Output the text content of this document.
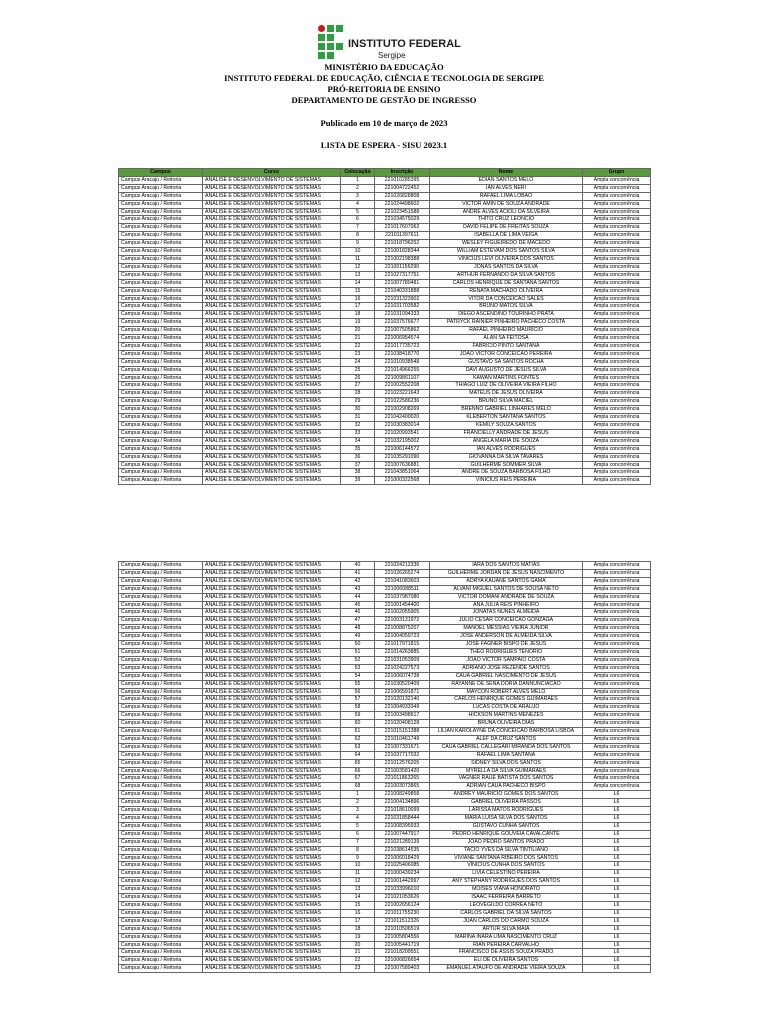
INSTITUTO FEDERAL
Sergipe
MINISTÉRIO DA EDUCAÇÃO
INSTITUTO FEDERAL DE EDUCAÇÃO, CIÊNCIA E TECNOLOGIA DE SERGIPE
PRÓ-REITORIA DE ENSINO
DEPARTAMENTO DE GESTÃO DE INGRESSO
Publicado em 10 de março de 2023
LISTA DE ESPERA - SISU 2023.1
Campus	Curso	Colocação	Inscrição	Nome	Grupo
Campus Aracaju / Reitoria	ANÁLISE E DESENVOLVIMENTO DE SISTEMAS	1	221010285395	EDIAN SANTOS MELO	Ampla concorrência
Campus Aracaju / Reitoria	ANÁLISE E DESENVOLVIMENTO DE SISTEMAS	2	221004722452	IAN ALVES NERI	Ampla concorrência
Campus Aracaju / Reitoria	ANÁLISE E DESENVOLVIMENTO DE SISTEMAS	3	221026828808	RAFAEL LIMA LOBAO	Ampla concorrência
Campus Aracaju / Reitoria	ANÁLISE E DESENVOLVIMENTO DE SISTEMAS	4	221024498602	VICTOR AMIN DE SOUZA ANDRADE	Ampla concorrência
Campus Aracaju / Reitoria	ANÁLISE E DESENVOLVIMENTO DE SISTEMAS	5	221023451588	ANDRE ALVES ACIOLI DA SILVEIRA	Ampla concorrência
Campus Aracaju / Reitoria	ANÁLISE E DESENVOLVIMENTO DE SISTEMAS	6	221034575029	THITO CRUZ LEONCIO	Ampla concorrência
Campus Aracaju / Reitoria	ANÁLISE E DESENVOLVIMENTO DE SISTEMAS	7	221017607062	DAVID FELIPE DE FREITAS SOUZA	Ampla concorrência
Campus Aracaju / Reitoria	ANÁLISE E DESENVOLVIMENTO DE SISTEMAS	8	221011397611	ISABELLA DE LIMA VEIGA	Ampla concorrência
Campus Aracaju / Reitoria	ANÁLISE E DESENVOLVIMENTO DE SISTEMAS	9	221018796252	WESLEY FIGUEIREDO DE MACEDO	Ampla concorrência
Campus Aracaju / Reitoria	ANÁLISE E DESENVOLVIMENTO DE SISTEMAS	10	221001828344	WILLIAM ESTEVAM DOS SANTOS SILVA	Ampla concorrência
Campus Aracaju / Reitoria	ANÁLISE E DESENVOLVIMENTO DE SISTEMAS	11	221002198388	VINICIUS LEVI OLIVEIRA DOS SANTOS	Ampla concorrência
Campus Aracaju / Reitoria	ANÁLISE E DESENVOLVIMENTO DE SISTEMAS	12	221001156290	JONAS SANTOS DA SILVA	Ampla concorrência
Campus Aracaju / Reitoria	ANÁLISE E DESENVOLVIMENTO DE SISTEMAS	13	221027317751	ARTHUR FERNANDO DA SILVA SANTOS	Ampla concorrência
Campus Aracaju / Reitoria	ANÁLISE E DESENVOLVIMENTO DE SISTEMAS	14	221007780481	CARLOS HENRIQUE DE SANTANA SANTOS	Ampla concorrência
Campus Aracaju / Reitoria	ANÁLISE E DESENVOLVIMENTO DE SISTEMAS	15	221040331888	RENATA MACHADO OLIVEIRA	Ampla concorrência
Campus Aracaju / Reitoria	ANÁLISE E DESENVOLVIMENTO DE SISTEMAS	16	221031323902	VITOR DA CONCEICAO SALES	Ampla concorrência
Campus Aracaju / Reitoria	ANÁLISE E DESENVOLVIMENTO DE SISTEMAS	17	221031703582	BRUNO MATOS SILVA	Ampla concorrência
Campus Aracaju / Reitoria	ANÁLISE E DESENVOLVIMENTO DE SISTEMAS	18	221031094333	DIEGO ASCENDINO TOURINHO PRATA	Ampla concorrência
Campus Aracaju / Reitoria	ANÁLISE E DESENVOLVIMENTO DE SISTEMAS	19	221037576677	PATRYCK RAINIER PINHEIRO PACHECO COSTA	Ampla concorrência
Campus Aracaju / Reitoria	ANÁLISE E DESENVOLVIMENTO DE SISTEMAS	20	221007505862	RAFAEL PINHEIRO MAURICIO	Ampla concorrência
Campus Aracaju / Reitoria	ANÁLISE E DESENVOLVIMENTO DE SISTEMAS	21	221006954574	ALAN SA FEITOSA	Ampla concorrência
Campus Aracaju / Reitoria	ANÁLISE E DESENVOLVIMENTO DE SISTEMAS	22	221017735723	FABRICIO PINTO SANTANA	Ampla concorrência
Campus Aracaju / Reitoria	ANÁLISE E DESENVOLVIMENTO DE SISTEMAS	23	221038418770	JOAO VICTOR CONCEICAO PEREIRA	Ampla concorrência
Campus Aracaju / Reitoria	ANÁLISE E DESENVOLVIMENTO DE SISTEMAS	24	221010938548	GUSTAVO SA SANTOS ROCHA	Ampla concorrência
Campus Aracaju / Reitoria	ANÁLISE E DESENVOLVIMENTO DE SISTEMAS	25	221014966255	DAVI AUGUSTO DE JESUS SILVA	Ampla concorrência
Campus Aracaju / Reitoria	ANÁLISE E DESENVOLVIMENTO DE SISTEMAS	26	221009861107	KAWAN MARTINS FONTES	Ampla concorrência
Campus Aracaju / Reitoria	ANÁLISE E DESENVOLVIMENTO DE SISTEMAS	27	221002552208	THIAGO LUIZ DE OLIVEIRA VIEIRA FILHO	Ampla concorrência
Campus Aracaju / Reitoria	ANÁLISE E DESENVOLVIMENTO DE SISTEMAS	28	221023221643	MATEUS DE JESUS OLIVEIRA	Ampla concorrência
Campus Aracaju / Reitoria	ANÁLISE E DESENVOLVIMENTO DE SISTEMAS	29	221022586236	BRUNO SILVA MACIEL	Ampla concorrência
Campus Aracaju / Reitoria	ANÁLISE E DESENVOLVIMENTO DE SISTEMAS	30	221002908269	BRENNO GABRIEL LINHARES MELO	Ampla concorrência
Campus Aracaju / Reitoria	ANÁLISE E DESENVOLVIMENTO DE SISTEMAS	31	221042400020	KLEBERTON SANTANA SANTOS	Ampla concorrência
Campus Aracaju / Reitoria	ANÁLISE E DESENVOLVIMENTO DE SISTEMAS	32	221030383014	KEMILY SOUZA SANTOS	Ampla concorrência
Campus Aracaju / Reitoria	ANÁLISE E DESENVOLVIMENTO DE SISTEMAS	33	221020993541	FRANCIELLY ANDRADE DE JESUS	Ampla concorrência
Campus Aracaju / Reitoria	ANÁLISE E DESENVOLVIMENTO DE SISTEMAS	34	221032195002	ANGELA MARIA DE SOUZA	Ampla concorrência
Campus Aracaju / Reitoria	ANÁLISE E DESENVOLVIMENTO DE SISTEMAS	35	221006144572	IAN ALVES RODRIGUES	Ampla concorrência
Campus Aracaju / Reitoria	ANÁLISE E DESENVOLVIMENTO DE SISTEMAS	36	221035291090	GIOVANNA DA SILVA TAVARES	Ampla concorrência
Campus Aracaju / Reitoria	ANÁLISE E DESENVOLVIMENTO DE SISTEMAS	37	221007636881	GUILHERME SOMMER SILVA	Ampla concorrência
Campus Aracaju / Reitoria	ANÁLISE E DESENVOLVIMENTO DE SISTEMAS	38	221043851064	ANDRE DE SOUZA BARBOSA FILHO	Ampla concorrência
Campus Aracaju / Reitoria	ANÁLISE E DESENVOLVIMENTO DE SISTEMAS	39	221000322568	VINICIUS REIS PEREIRA	Ampla concorrência
Campus Aracaju / Reitoria	ANÁLISE E DESENVOLVIMENTO DE SISTEMAS	40	221024212336	IARA DOS SANTOS MATIAS	Ampla concorrência
Campus Aracaju / Reitoria	ANÁLISE E DESENVOLVIMENTO DE SISTEMAS	41	221026265274	GUILHERME JORDAN DE JESUS NASCIMENTO	Ampla concorrência
Campus Aracaju / Reitoria	ANÁLISE E DESENVOLVIMENTO DE SISTEMAS	42	221041083603	ADRYA KAUANE SANTOS GAMA	Ampla concorrência
Campus Aracaju / Reitoria	ANÁLISE E DESENVOLVIMENTO DE SISTEMAS	43	221006088511	ALVANI MIGUEL SANTOS DE SOUSA NETO	Ampla concorrência
Campus Aracaju / Reitoria	ANÁLISE E DESENVOLVIMENTO DE SISTEMAS	44	221037987080	VICTOR DOMANI ANDRADE DE SOUZA	Ampla concorrência
Campus Aracaju / Reitoria	ANÁLISE E DESENVOLVIMENTO DE SISTEMAS	45	221001454400	ANA JULIA REIS PINHEIRO	Ampla concorrência
Campus Aracaju / Reitoria	ANÁLISE E DESENVOLVIMENTO DE SISTEMAS	46	221002055905	JONATAS NUNES ALMEIDA	Ampla concorrência
Campus Aracaju / Reitoria	ANÁLISE E DESENVOLVIMENTO DE SISTEMAS	47	221003131972	JULIO CESAR CONCEICAO GONZAGA	Ampla concorrência
Campus Aracaju / Reitoria	ANÁLISE E DESENVOLVIMENTO DE SISTEMAS	48	221008875207	MANOEL MESSIAS VIEIRA JUNIOR	Ampla concorrência
Campus Aracaju / Reitoria	ANÁLISE E DESENVOLVIMENTO DE SISTEMAS	49	221004059723	JOSE ANDERSON DE ALMEIDA SILVA	Ampla concorrência
Campus Aracaju / Reitoria	ANÁLISE E DESENVOLVIMENTO DE SISTEMAS	50	221017971815	JOSE FAGNER BISPO DE JESUS	Ampla concorrência
Campus Aracaju / Reitoria	ANÁLISE E DESENVOLVIMENTO DE SISTEMAS	51	221014263885	THEO RODRIGUES TENORIO	Ampla concorrência
Campus Aracaju / Reitoria	ANÁLISE E DESENVOLVIMENTO DE SISTEMAS	52	221031053909	JOAO VICTOR SAMPAIO COSTA	Ampla concorrência
Campus Aracaju / Reitoria	ANÁLISE E DESENVOLVIMENTO DE SISTEMAS	53	221024227573	ADRIANO JOSE REZENDE SANTOS	Ampla concorrência
Campus Aracaju / Reitoria	ANÁLISE E DESENVOLVIMENTO DE SISTEMAS	54	221006074738	CAUA GABRIEL NASCIMENTO DE JESUS	Ampla concorrência
Campus Aracaju / Reitoria	ANÁLISE E DESENVOLVIMENTO DE SISTEMAS	55	221030520409	RAYANNE DE SENA DORIA DANNUNCIACAO	Ampla concorrência
Campus Aracaju / Reitoria	ANÁLISE E DESENVOLVIMENTO DE SISTEMAS	56	221006591871	MAYCON ROBERT ALVES MELO	Ampla concorrência
Campus Aracaju / Reitoria	ANÁLISE E DESENVOLVIMENTO DE SISTEMAS	57	221020132140	CARLOS HENRIQUE GOMES GUIMARAES	Ampla concorrência
Campus Aracaju / Reitoria	ANÁLISE E DESENVOLVIMENTO DE SISTEMAS	58	221004933349	LUCAS COSTA DE ARAUJO	Ampla concorrência
Campus Aracaju / Reitoria	ANÁLISE E DESENVOLVIMENTO DE SISTEMAS	59	221003498617	HICKSON MARTINS MENEZES	Ampla concorrência
Campus Aracaju / Reitoria	ANÁLISE E DESENVOLVIMENTO DE SISTEMAS	60	221020408128	BRUNA OLIVEIRA DIAS	Ampla concorrência
Campus Aracaju / Reitoria	ANÁLISE E DESENVOLVIMENTO DE SISTEMAS	61	221015151388	LILIAN KAROLAYNE DA CONCEICAO BARBOSA LISBOA	Ampla concorrência
Campus Aracaju / Reitoria	ANÁLISE E DESENVOLVIMENTO DE SISTEMAS	62	221010461749	ALEF DA CRUZ SANTOS	Ampla concorrência
Campus Aracaju / Reitoria	ANÁLISE E DESENVOLVIMENTO DE SISTEMAS	63	221007331671	CAUA GABRIEL CALLEGARI MIRANDA DOS SANTOS	Ampla concorrência
Campus Aracaju / Reitoria	ANÁLISE E DESENVOLVIMENTO DE SISTEMAS	64	221037717032	RAFAEL LIMA SANTANA	Ampla concorrência
Campus Aracaju / Reitoria	ANÁLISE E DESENVOLVIMENTO DE SISTEMAS	65	221012576205	SIDNEY SILVA DOS SANTOS	Ampla concorrência
Campus Aracaju / Reitoria	ANÁLISE E DESENVOLVIMENTO DE SISTEMAS	66	221003581420	MYRELLA DA SILVA GUIMARAES	Ampla concorrência
Campus Aracaju / Reitoria	ANÁLISE E DESENVOLVIMENTO DE SISTEMAS	67	221011863265	VAGNER RAUE BATISTA DOS SANTOS	Ampla concorrência
Campus Aracaju / Reitoria	ANÁLISE E DESENVOLVIMENTO DE SISTEMAS	68	221003073865	ADRIAN CAUA PACHECO BISPO	Ampla concorrência
Campus Aracaju / Reitoria	ANÁLISE E DESENVOLVIMENTO DE SISTEMAS	1	221008249858	ANDREY MAURICIO GOMES DOS SANTOS	L6
Campus Aracaju / Reitoria	ANÁLISE E DESENVOLVIMENTO DE SISTEMAS	2	221004134896	GABRIEL OLIVEIRA PASSOS	L6
Campus Aracaju / Reitoria	ANÁLISE E DESENVOLVIMENTO DE SISTEMAS	3	221018610099	LARISSA MATOS RODRIGUES	L6
Campus Aracaju / Reitoria	ANÁLISE E DESENVOLVIMENTO DE SISTEMAS	4	221031858444	MARIA LUISA SILVA DOS SANTOS	L6
Campus Aracaju / Reitoria	ANÁLISE E DESENVOLVIMENTO DE SISTEMAS	5	221008395933	GUSTAVO CUNHA SANTOS	L6
Campus Aracaju / Reitoria	ANÁLISE E DESENVOLVIMENTO DE SISTEMAS	6	221007447917	PEDRO HENRIQUE GOUVEIA CAVALCANTE	L6
Campus Aracaju / Reitoria	ANÁLISE E DESENVOLVIMENTO DE SISTEMAS	7	221021289139	JOAO PEDRO SANTOS PRADO	L6
Campus Aracaju / Reitoria	ANÁLISE E DESENVOLVIMENTO DE SISTEMAS	8	221038614535	TACIO YVES DA SILVA TINTILIANO	L6
Campus Aracaju / Reitoria	ANÁLISE E DESENVOLVIMENTO DE SISTEMAS	9	221006018429	VIVIANE SANTANA RIBEIRO DOS SANTOS	L6
Campus Aracaju / Reitoria	ANÁLISE E DESENVOLVIMENTO DE SISTEMAS	10	221025406085	VINICIUS CUNHA DOS SANTOS	L6
Campus Aracaju / Reitoria	ANÁLISE E DESENVOLVIMENTO DE SISTEMAS	11	221000439234	LIVIA CELESTINO PEREIRA	L6
Campus Aracaju / Reitoria	ANÁLISE E DESENVOLVIMENTO DE SISTEMAS	12	221001442997	ANY STEPHANY RODRIGUES DOS SANTOS	L6
Campus Aracaju / Reitoria	ANÁLISE E DESENVOLVIMENTO DE SISTEMAS	13	221033996010	MOISES VIANA HONORATO	L6
Campus Aracaju / Reitoria	ANÁLISE E DESENVOLVIMENTO DE SISTEMAS	14	221021053626	ISAAC FERREIRA BARRETO	L6
Campus Aracaju / Reitoria	ANÁLISE E DESENVOLVIMENTO DE SISTEMAS	15	221002656124	LEOVEGILDO CORREA NETO	L6
Campus Aracaju / Reitoria	ANÁLISE E DESENVOLVIMENTO DE SISTEMAS	16	221011755230	CARLOS GABRIEL DA SILVA SANTOS	L6
Campus Aracaju / Reitoria	ANÁLISE E DESENVOLVIMENTO DE SISTEMAS	17	221011512326	JUAN CARLOS DO CARMO SOUZA	L6
Campus Aracaju / Reitoria	ANÁLISE E DESENVOLVIMENTO DE SISTEMAS	18	221010506519	ARTUR SILVA MAIA	L6
Campus Aracaju / Reitoria	ANÁLISE E DESENVOLVIMENTO DE SISTEMAS	19	221005804556	MARINA INARA LIMA NASCIMENTO CRUZ	L6
Campus Aracaju / Reitoria	ANÁLISE E DESENVOLVIMENTO DE SISTEMAS	20	221005441719	RIAN PEREIRA CARVALHO	L6
Campus Aracaju / Reitoria	ANÁLISE E DESENVOLVIMENTO DE SISTEMAS	21	221018209551	FRANCISCO DE ASSIS SOUZA PRADO	L6
Campus Aracaju / Reitoria	ANÁLISE E DESENVOLVIMENTO DE SISTEMAS	22	221006826654	ELI DE OLIVEIRA SANTOS	L6
Campus Aracaju / Reitoria	ANÁLISE E DESENVOLVIMENTO DE SISTEMAS	23	221007589403	EMANUEL ATAUFO DE ANDRADE VIEIRA SOUZA	L6
